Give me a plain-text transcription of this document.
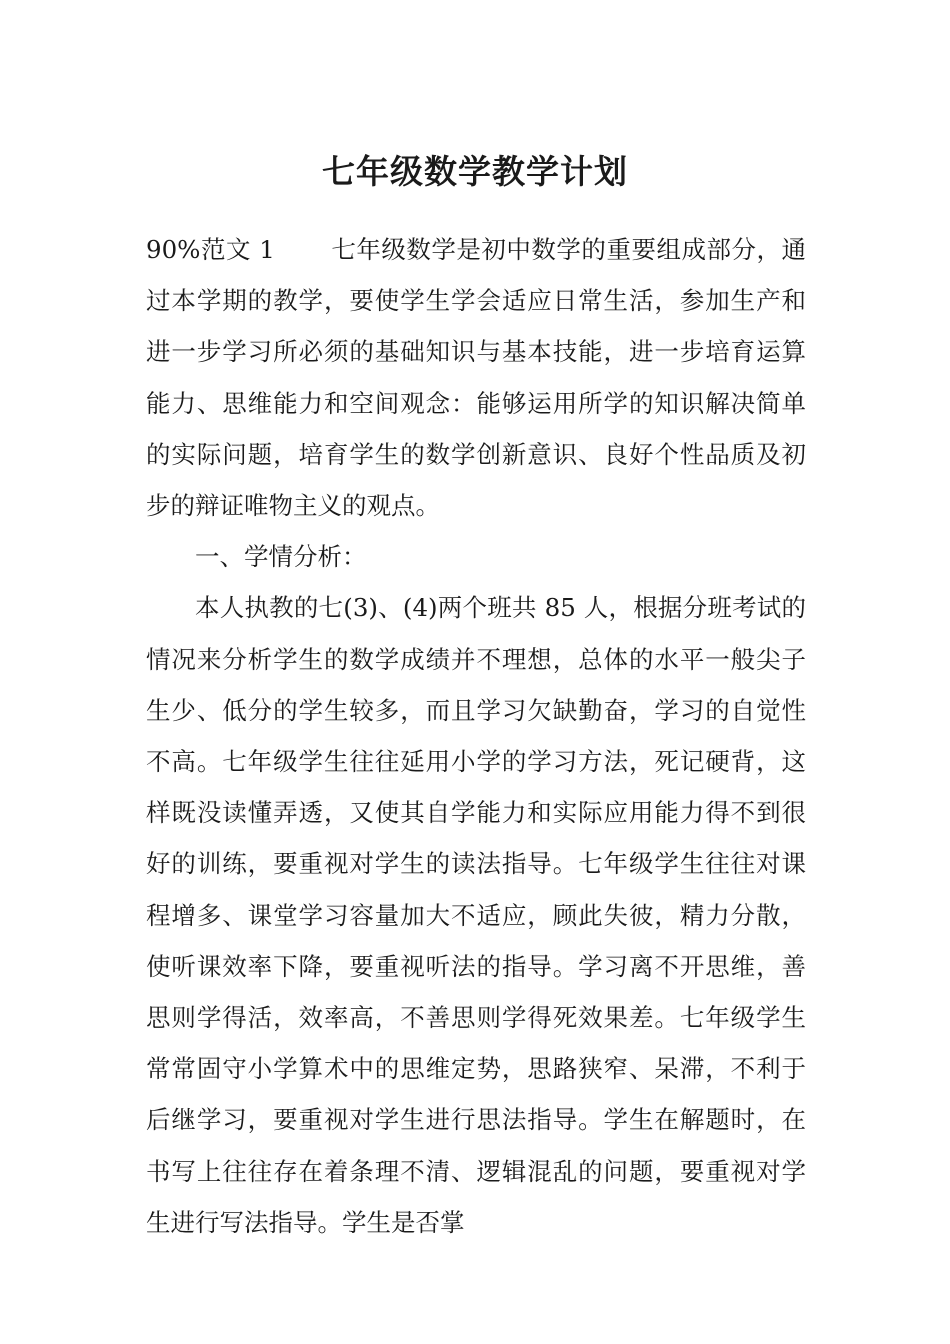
七年级数学教学计划

90%范文 1 七年级数学是初中数学的重要组成部分，通过本学期的教学，要使学生学会适应日常生活，参加生产和进一步学习所必须的基础知识与基本技能，进一步培育运算能力、思维能力和空间观念：能够运用所学的知识解决简单的实际问题，培育学生的数学创新意识、良好个性品质及初步的辩证唯物主义的观点。

一、学情分析：

本人执教的七(3)、(4)两个班共 85 人，根据分班考试的情况来分析学生的数学成绩并不理想，总体的水平一般尖子生少、低分的学生较多，而且学习欠缺勤奋，学习的自觉性不高。七年级学生往往延用小学的学习方法，死记硬背，这样既没读懂弄透，又使其自学能力和实际应用能力得不到很好的训练，要重视对学生的读法指导。七年级学生往往对课程增多、课堂学习容量加大不适应，顾此失彼，精力分散，使听课效率下降，要重视听法的指导。学习离不开思维，善思则学得活，效率高，不善思则学得死效果差。七年级学生常常固守小学算术中的思维定势，思路狭窄、呆滞，不利于后继学习，要重视对学生进行思法指导。学生在解题时，在书写上往往存在着条理不清、逻辑混乱的问题，要重视对学生进行写法指导。学生是否掌
